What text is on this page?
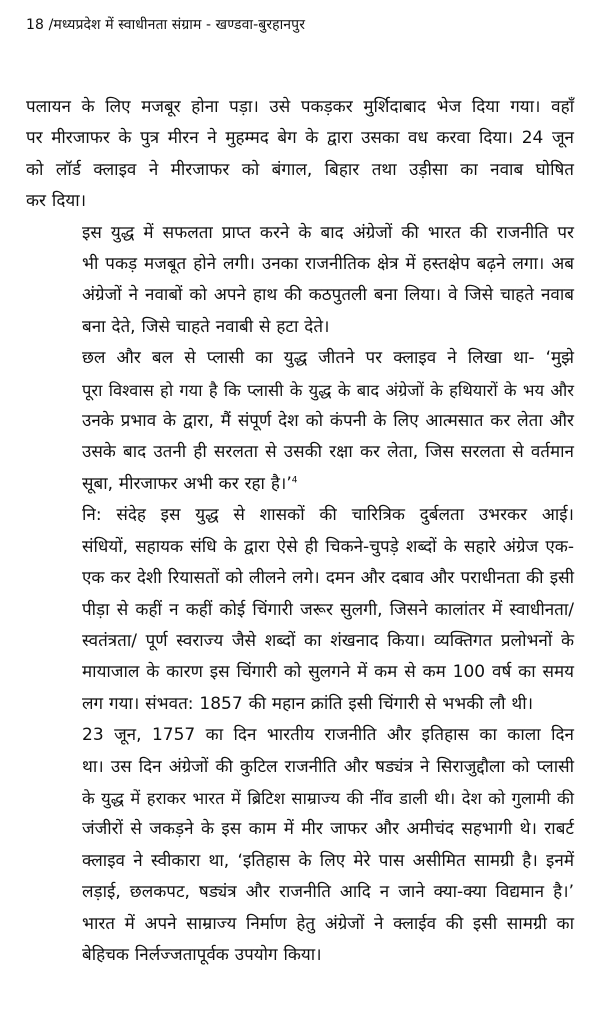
18 /मध्यप्रदेश में स्वाधीनता संग्राम - खण्डवा-बुरहानपुर

पलायन के लिए मजबूर होना पड़ा। उसे पकड़कर मुर्शिदाबाद भेज दिया गया। वहाँ
पर मीरजाफर के पुत्र मीरन ने मुहम्मद बेग के द्वारा उसका वध करवा दिया। 24 जून
को लॉर्ड क्लाइव ने मीरजाफर को बंगाल, बिहार तथा उड़ीसा का नवाब घोषित
कर दिया।

इस युद्ध में सफलता प्राप्त करने के बाद अंग्रेजों की भारत की राजनीति पर
भी पकड़ मजबूत होने लगी। उनका राजनीतिक क्षेत्र में हस्तक्षेप बढ़ने लगा। अब
अंग्रेजों ने नवाबों को अपने हाथ की कठपुतली बना लिया। वे जिसे चाहते नवाब
बना देते, जिसे चाहते नवाबी से हटा देते।

छल और बल से प्लासी का युद्ध जीतने पर क्लाइव ने लिखा था- ‘मुझे
पूरा विश्वास हो गया है कि प्लासी के युद्ध के बाद अंग्रेजों के हथियारों के भय और
उनके प्रभाव के द्वारा, मैं संपूर्ण देश को कंपनी के लिए आत्मसात कर लेता और
उसके बाद उतनी ही सरलता से उसकी रक्षा कर लेता, जिस सरलता से वर्तमान
सूबा, मीरजाफर अभी कर रहा है।’$^4$

नि: संदेह इस युद्ध से शासकों की चारित्रिक दुर्बलता उभरकर आई।
संधियों, सहायक संधि के द्वारा ऐसे ही चिकने-चुपड़े शब्दों के सहारे अंग्रेज एक-
एक कर देशी रियासतों को लीलने लगे। दमन और दबाव और पराधीनता की इसी
पीड़ा से कहीं न कहीं कोई चिंगारी जरूर सुलगी, जिसने कालांतर में स्वाधीनता/
स्वतंत्रता/ पूर्ण स्वराज्य जैसे शब्दों का शंखनाद किया। व्यक्तिगत प्रलोभनों के
मायाजाल के कारण इस चिंगारी को सुलगने में कम से कम 100 वर्ष का समय
लग गया। संभवत: 1857 की महान क्रांति इसी चिंगारी से भभकी लौ थी।

23 जून, 1757 का दिन भारतीय राजनीति और इतिहास का काला दिन
था। उस दिन अंग्रेजों की कुटिल राजनीति और षड्यंत्र ने सिराजुद्दौला को प्लासी
के युद्ध में हराकर भारत में ब्रिटिश साम्राज्य की नींव डाली थी। देश को गुलामी की
जंजीरों से जकड़ने के इस काम में मीर जाफर और अमीचंद सहभागी थे। राबर्ट
क्लाइव ने स्वीकारा था, ‘इतिहास के लिए मेरे पास असीमित सामग्री है। इनमें
लड़ाई, छलकपट, षड्यंत्र और राजनीति आदि न जाने क्या-क्या विद्यमान है।’
भारत में अपने साम्राज्य निर्माण हेतु अंग्रेजों ने क्लाईव की इसी सामग्री का
बेहिचक निर्लज्जतापूर्वक उपयोग किया।
